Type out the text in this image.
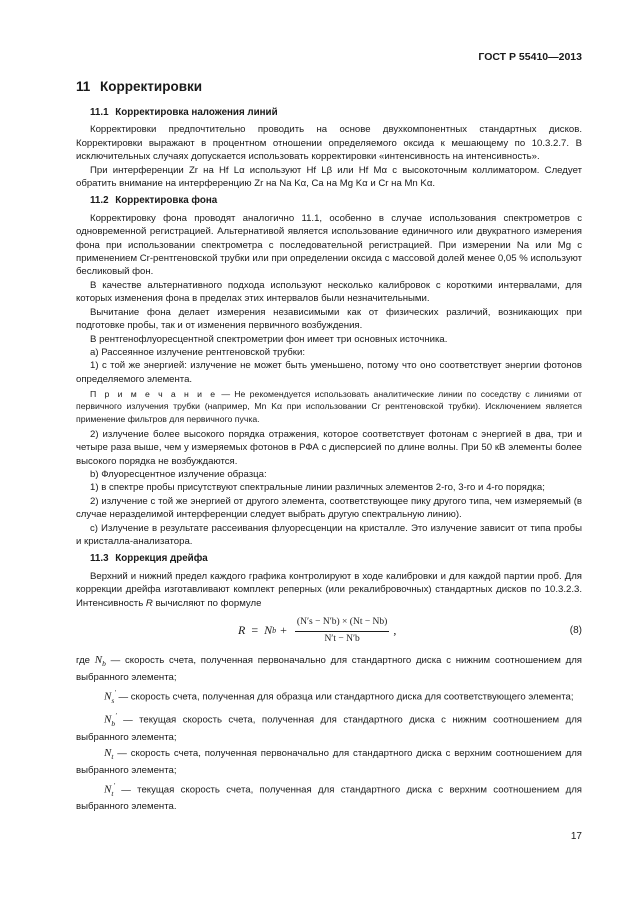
ГОСТ Р 55410—2013
11 Корректировки
11.1 Корректировка наложения линий

Корректировки предпочтительно проводить на основе двухкомпонентных стандартных дисков. Корректировки выражают в процентном отношении определяемого оксида к мешающему по 10.3.2.7. В исключительных случаях допускается использовать корректировки «интенсивность на интенсивность».

При интерференции Zr на Hf Lα используют Hf Lβ или Hf Mα с высокоточным коллиматором. Следует обратить внимание на интерференцию Zr на Na Kα, Ca на Mg Kα и Cr на Mn Kα.

11.2 Корректировка фона

Корректировку фона проводят аналогично 11.1, особенно в случае использования спектрометров с одновременной регистрацией. Альтернативой является использование единичного или двукратного измерения фона при использовании спектрометра с последовательной регистрацией. При измерении Na или Mg с применением Cr-рентгеновской трубки или при определении оксида с массовой долей менее 0,05 % используют бесликовый фон.

В качестве альтернативного подхода используют несколько калибровок с короткими интервалами, для которых изменения фона в пределах этих интервалов были незначительными.

Вычитание фона делает измерения независимыми как от физических различий, возникающих при подготовке пробы, так и от изменения первичного возбуждения.

В рентгенофлуоресцентной спектрометрии фон имеет три основных источника.

а) Рассеянное излучение рентгеновской трубки:

1) с той же энергией: излучение не может быть уменьшено, потому что оно соответствует энергии фотонов определяемого элемента.

П р и м е ч а н и е — Не рекомендуется использовать аналитические линии по соседству с линиями от первичного излучения трубки (например, Mn Kα при использовании Cr рентгеновской трубки). Исключением является применение фильтров для первичного пучка.

2) излучение более высокого порядка отражения, которое соответствует фотонам с энергией в два, три и четыре раза выше, чем у измеряемых фотонов в РФА с дисперсией по длине волны. При 50 кВ элементы более высокого порядка не возбуждаются.

b) Флуоресцентное излучение образца:

1) в спектре пробы присутствуют спектральные линии различных элементов 2-го, 3-го и 4-го порядка;

2) излучение с той же энергией от другого элемента, соответствующее пику другого типа, чем измеряемый (в случае неразделимой интерференции следует выбрать другую спектральную линию).

c) Излучение в результате рассеивания флуоресценции на кристалле. Это излучение зависит от типа пробы и кристалла-анализатора.

11.3 Коррекция дрейфа

Верхний и нижний предел каждого графика контролируют в ходе калибровки и для каждой партии проб. Для коррекции дрейфа изготавливают комплект реперных (или рекалибровочных) стандартных дисков по 10.3.2.3. Интенсивность R вычисляют по формуле

R = N $b + \frac{(N's - N'b) \times (Nt - Nb)}{N't - N'b}$ ,	(8)

где $N_b$ — скорость счета, полученная первоначально для стандартного диска с нижним соотношением для выбранного элемента;

$N_s'$ — скорость счета, полученная для образца или стандартного диска для соответствующего элемента;

$N_b'$ — текущая скорость счета, полученная для стандартного диска с нижним соотношением для выбранного элемента;

$N_t$ — скорость счета, полученная первоначально для стандартного диска с верхним соотношением для выбранного элемента;

$N_t'$ — текущая скорость счета, полученная для стандартного диска с верхним соотношением для выбранного элемента.

17
